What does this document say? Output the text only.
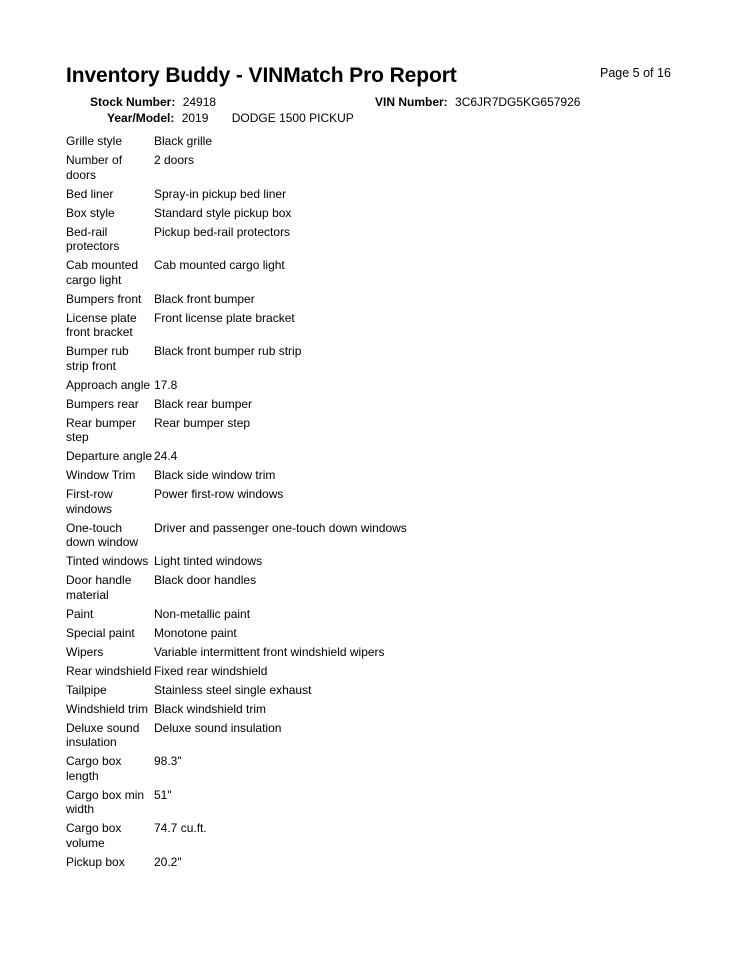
Inventory Buddy - VINMatch Pro Report	Page 5 of 16
Stock Number: 24918	VIN Number: 3C6JR7DG5KG657926
Year/Model: 2019 DODGE 1500 PICKUP
Grille style	Black grille
Number of doors	2 doors
Bed liner	Spray-in pickup bed liner
Box style	Standard style pickup box
Bed-rail protectors	Pickup bed-rail protectors
Cab mounted cargo light	Cab mounted cargo light
Bumpers front	Black front bumper
License plate front bracket	Front license plate bracket
Bumper rub strip front	Black front bumper rub strip
Approach angle	17.8
Bumpers rear	Black rear bumper
Rear bumper step	Rear bumper step
Departure angle	24.4
Window Trim	Black side window trim
First-row windows	Power first-row windows
One-touch down window	Driver and passenger one-touch down windows
Tinted windows	Light tinted windows
Door handle material	Black door handles
Paint	Non-metallic paint
Special paint	Monotone paint
Wipers	Variable intermittent front windshield wipers
Rear windshield	Fixed rear windshield
Tailpipe	Stainless steel single exhaust
Windshield trim	Black windshield trim
Deluxe sound insulation	Deluxe sound insulation
Cargo box length	98.3"
Cargo box min width	51"
Cargo box volume	74.7 cu.ft.
Pickup box	20.2"
